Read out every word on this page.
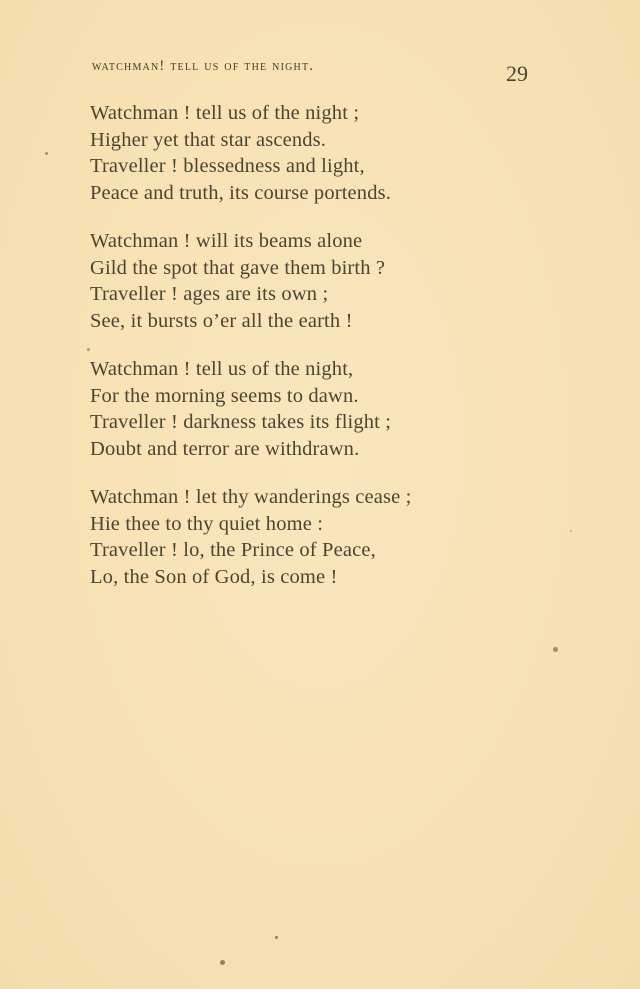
watchman! tell us of the night.	29
Watchman ! tell us of the night ;
Higher yet that star ascends.
Traveller ! blessedness and light,
Peace and truth, its course portends.
Watchman ! will its beams alone
Gild the spot that gave them birth ?
Traveller ! ages are its own ;
See, it bursts o’er all the earth !
Watchman ! tell us of the night,
For the morning seems to dawn.
Traveller ! darkness takes its flight ;
Doubt and terror are withdrawn.
Watchman ! let thy wanderings cease ;
Hie thee to thy quiet home :
Traveller ! lo, the Prince of Peace,
Lo, the Son of God, is come !
